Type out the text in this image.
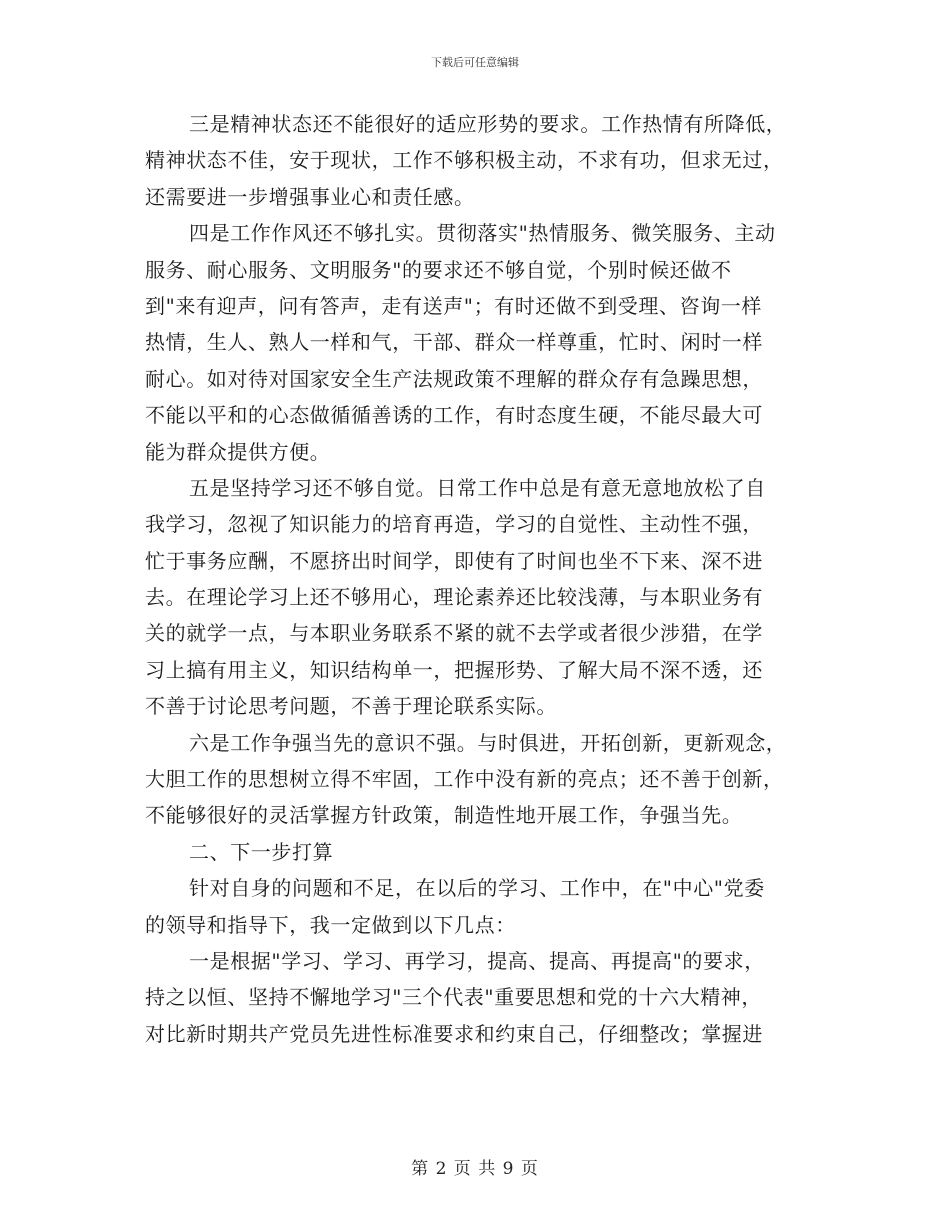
下载后可任意编辑
三是精神状态还不能很好的适应形势的要求。工作热情有所降低，
精神状态不佳，安于现状，工作不够积极主动，不求有功，但求无过，
还需要进一步增强事业心和责任感。
四是工作作风还不够扎实。贯彻落实"热情服务、微笑服务、主动
服务、耐心服务、文明服务"的要求还不够自觉，个别时候还做不
到"来有迎声，问有答声，走有送声"；有时还做不到受理、咨询一样
热情，生人、熟人一样和气，干部、群众一样尊重，忙时、闲时一样
耐心。如对待对国家安全生产法规政策不理解的群众存有急躁思想，
不能以平和的心态做循循善诱的工作，有时态度生硬，不能尽最大可
能为群众提供方便。
五是坚持学习还不够自觉。日常工作中总是有意无意地放松了自
我学习，忽视了知识能力的培育再造，学习的自觉性、主动性不强，
忙于事务应酬，不愿挤出时间学，即使有了时间也坐不下来、深不进
去。在理论学习上还不够用心，理论素养还比较浅薄，与本职业务有
关的就学一点，与本职业务联系不紧的就不去学或者很少涉猎，在学
习上搞有用主义，知识结构单一，把握形势、了解大局不深不透，还
不善于讨论思考问题，不善于理论联系实际。
六是工作争强当先的意识不强。与时俱进，开拓创新，更新观念，
大胆工作的思想树立得不牢固，工作中没有新的亮点；还不善于创新，
不能够很好的灵活掌握方针政策，制造性地开展工作，争强当先。
二、下一步打算
针对自身的问题和不足，在以后的学习、工作中，在"中心"党委
的领导和指导下，我一定做到以下几点：
一是根据"学习、学习、再学习，提高、提高、再提高"的要求，
持之以恒、坚持不懈地学习"三个代表"重要思想和党的十六大精神，
对比新时期共产党员先进性标准要求和约束自己，仔细整改；掌握进
第 2 页 共 9 页
